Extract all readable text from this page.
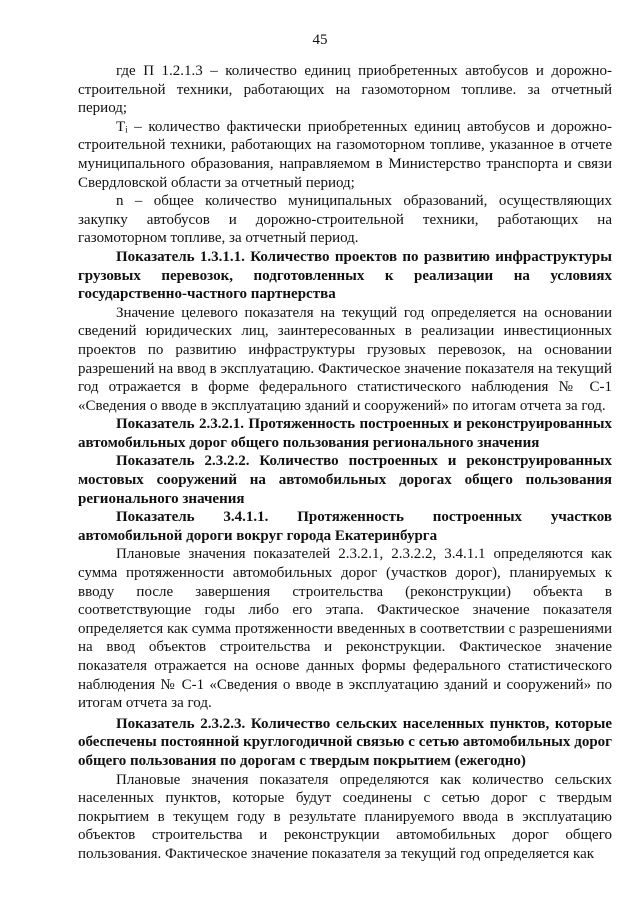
45

где П 1.2.1.3 – количество единиц приобретенных автобусов и дорожно-строительной техники, работающих на газомоторном топливе. за отчетный период;

Tᵢ – количество фактически приобретенных единиц автобусов и дорожно-строительной техники, работающих на газомоторном топливе, указанное в отчете муниципального образования, направляемом в Министерство транспорта и связи Свердловской области за отчетный период;

n – общее количество муниципальных образований, осуществляющих закупку автобусов и дорожно-строительной техники, работающих на газомоторном топливе, за отчетный период.

Показатель 1.3.1.1. Количество проектов по развитию инфраструктуры грузовых перевозок, подготовленных к реализации на условиях государственно-частного партнерства

Значение целевого показателя на текущий год определяется на основании сведений юридических лиц, заинтересованных в реализации инвестиционных проектов по развитию инфраструктуры грузовых перевозок, на основании разрешений на ввод в эксплуатацию. Фактическое значение показателя на текущий год отражается в форме федерального статистического наблюдения № С-1 «Сведения о вводе в эксплуатацию зданий и сооружений» по итогам отчета за год.

Показатель 2.3.2.1. Протяженность построенных и реконструированных автомобильных дорог общего пользования регионального значения

Показатель 2.3.2.2. Количество построенных и реконструированных мостовых сооружений на автомобильных дорогах общего пользования регионального значения

Показатель 3.4.1.1. Протяженность построенных участков автомобильной дороги вокруг города Екатеринбурга

Плановые значения показателей 2.3.2.1, 2.3.2.2, 3.4.1.1 определяются как сумма протяженности автомобильных дорог (участков дорог), планируемых к вводу после завершения строительства (реконструкции) объекта в соответствующие годы либо его этапа. Фактическое значение показателя определяется как сумма протяженности введенных в соответствии с разрешениями на ввод объектов строительства и реконструкции. Фактическое значение показателя отражается на основе данных формы федерального статистического наблюдения № С-1 «Сведения о вводе в эксплуатацию зданий и сооружений» по итогам отчета за год.

Показатель 2.3.2.3. Количество сельских населенных пунктов, которые обеспечены постоянной круглогодичной связью с сетью автомобильных дорог общего пользования по дорогам с твердым покрытием (ежегодно)

Плановые значения показателя определяются как количество сельских населенных пунктов, которые будут соединены с сетью дорог с твердым покрытием в текущем году в результате планируемого ввода в эксплуатацию объектов строительства и реконструкции автомобильных дорог общего пользования. Фактическое значение показателя за текущий год определяется как
